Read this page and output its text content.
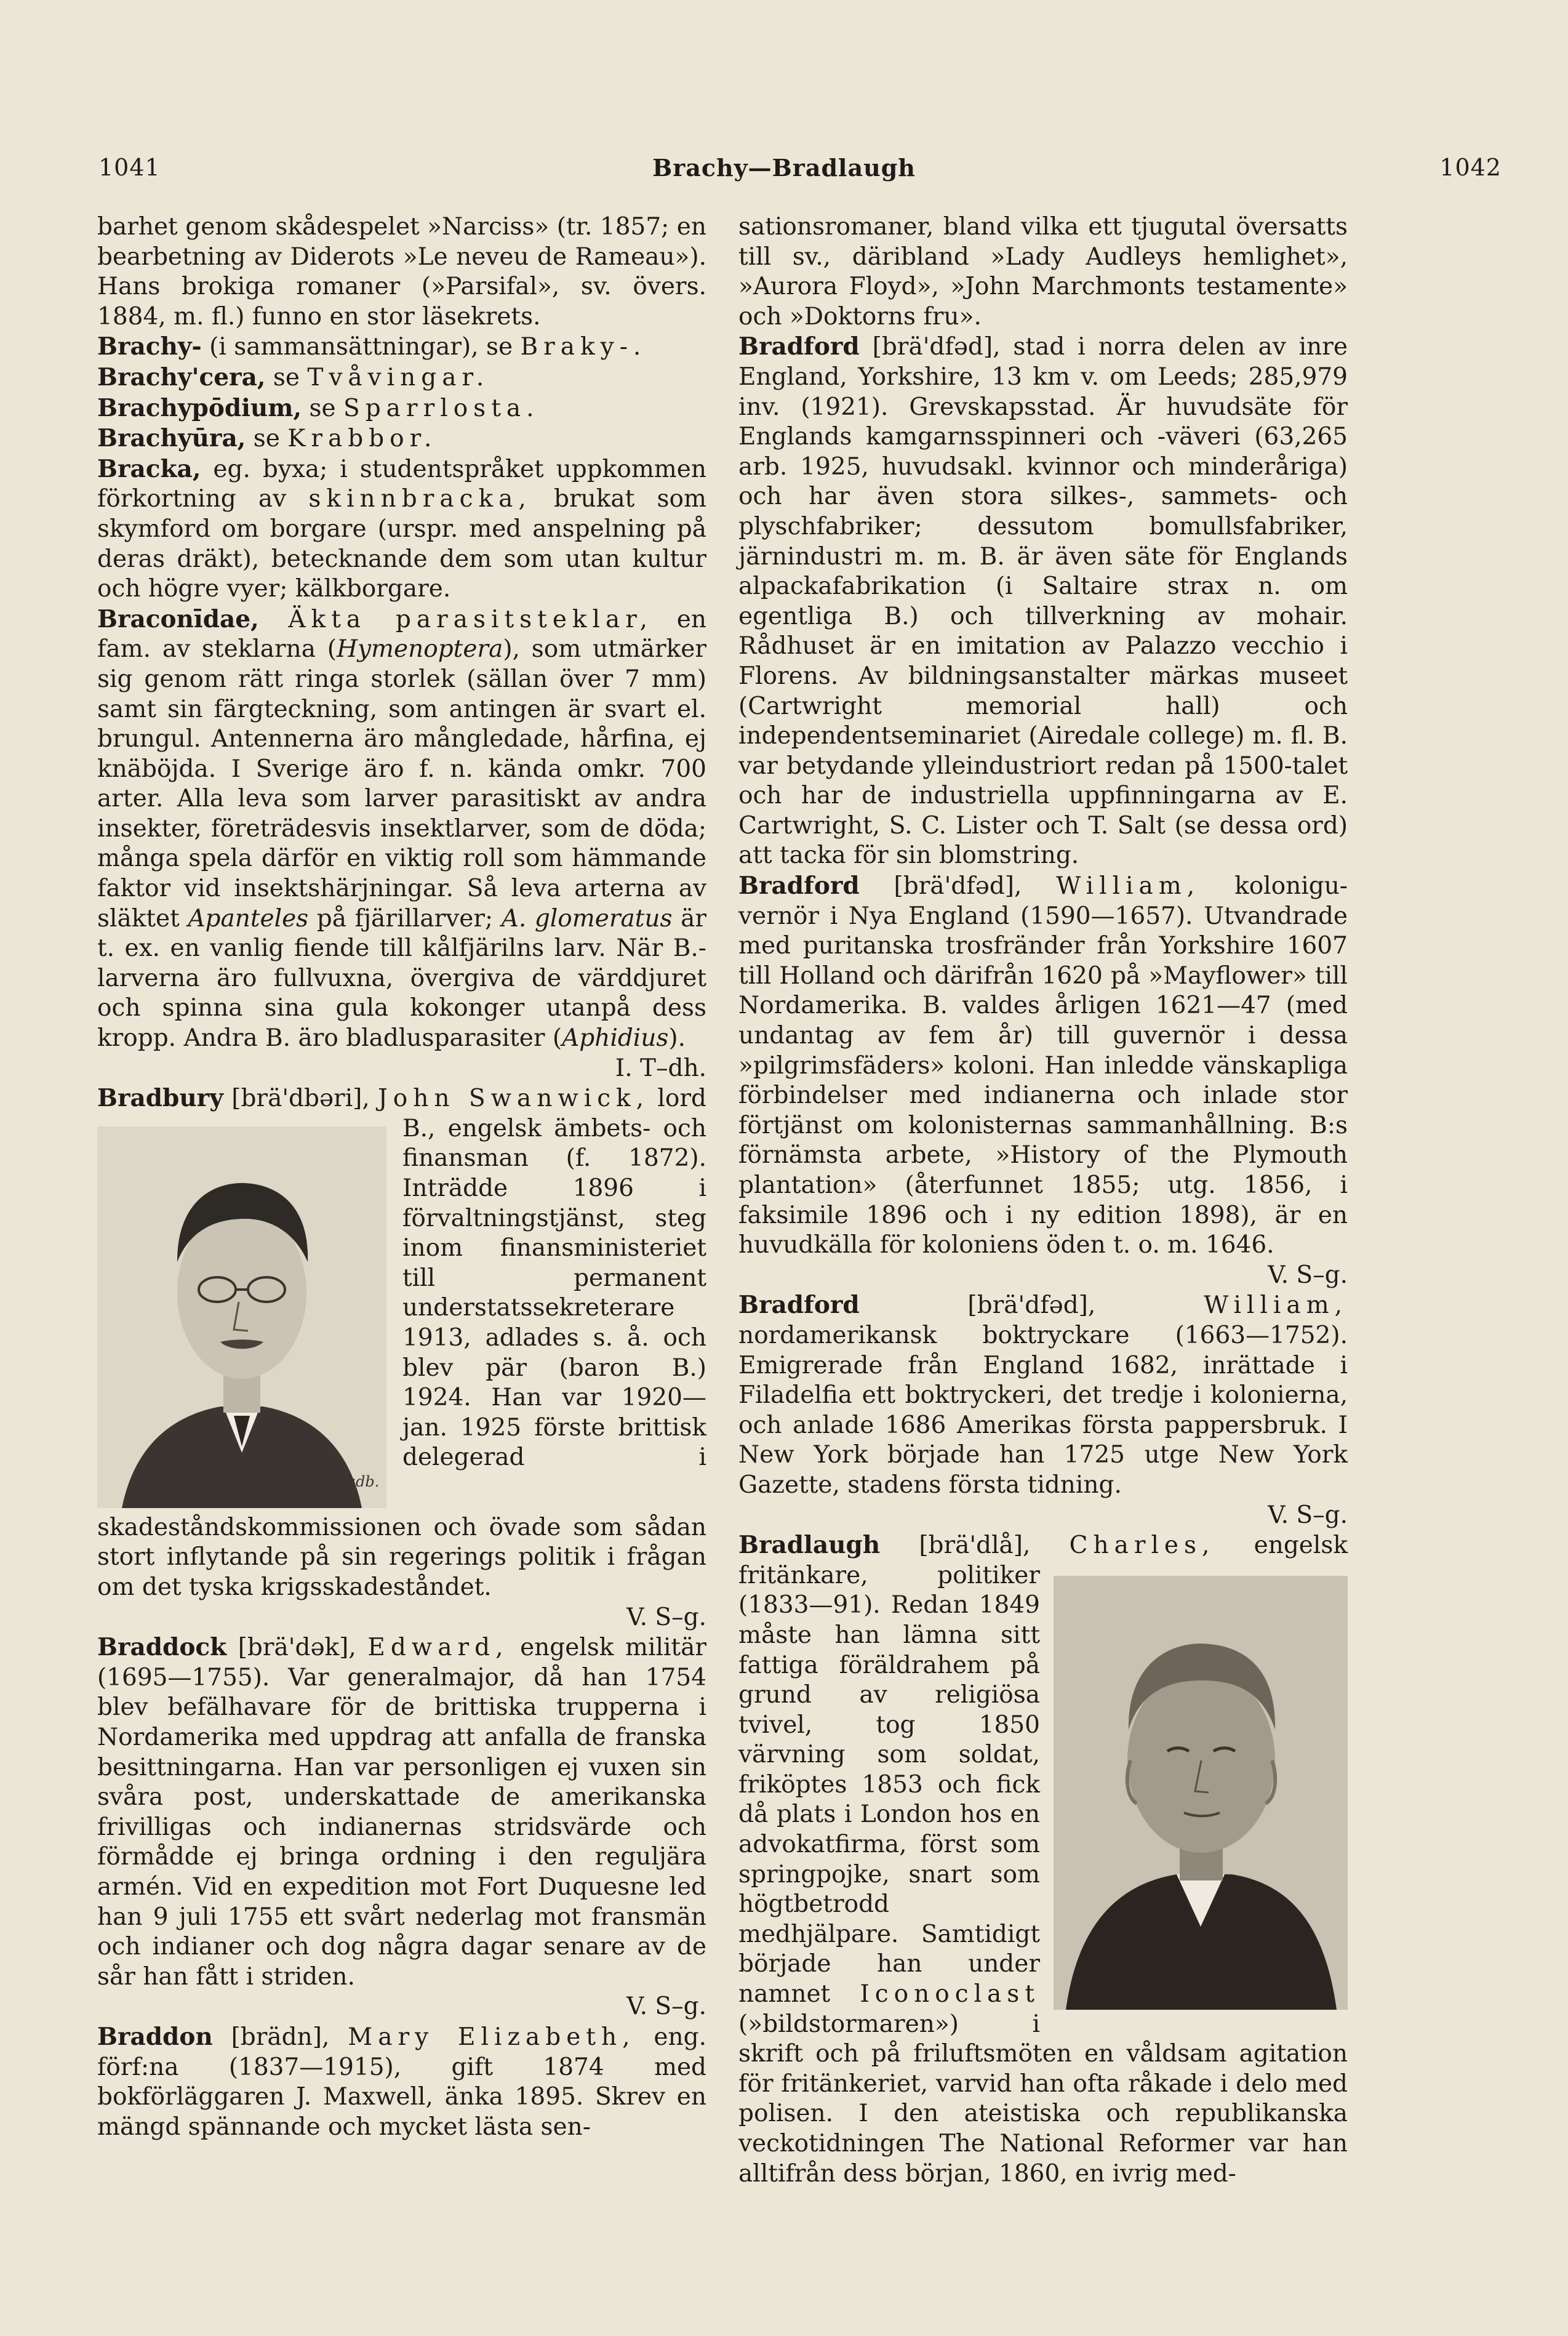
1041	Brachy—Bradlaugh	1042

barhet genom skådespelet »Narciss» (tr. 1857; en bearbetning av Diderots »Le neveu de Rameau»). Hans brokiga romaner (»Parsifal», sv. övers. 1884, m. fl.) funno en stor läsekrets.

Brachy- (i sammansättningar), se Braky-.

Brachy'cera, se Tvåvingar.

Brachypōdium, se Sparrlosta.

Brachyūra, se Krabbor.

Bracka, eg. byxa; i studentspråket uppkommen förkortning av skinnbracka, brukat som skymford om borgare (urspr. med anspelning på deras dräkt), betecknande dem som utan kultur och högre vyer; kälkborgare.

Braconīdae, Äkta parasitsteklar, en fam. av steklarna (Hymenoptera), som utmärker sig genom rätt ringa storlek (sällan över 7 mm) samt sin färgteckning, som antingen är svart el. brungul. Antennerna äro mångledade, hårfina, ej knäböjda. I Sverige äro f. n. kända omkr. 700 arter. Alla leva som larver parasitiskt av andra insekter, företrädesvis insektlarver, som de döda; många spela därför en viktig roll som hämmande faktor vid insektshärjningar. Så leva arterna av släktet Apanteles på fjärillarver; A. glomeratus är t. ex. en vanlig fiende till kålfjärilns larv. När B.-larverna äro fullvuxna, övergiva de värddjuret och spinna sina gula kokonger utanpå dess kropp. Andra B. äro bladlusparasiter (Aphidius).
I. T–dh.

Bradbury [brä'dbəri], John Swanwick,
J.L. Bradb.
lord B., engelsk ämbets- och finansman (f. 1872). Inträdde 1896 i förvaltningstjänst, steg inom finansministeriet till permanent understatssekreterare 1913, adlades s. å. och blev pär (baron B.) 1924. Han var 1920—jan. 1925 förste brittisk delegerad i skadeståndskommissionen och övade som sådan stort inflytande på sin regerings politik i frågan om det tyska krigsskadeståndet.
V. S–g.

Braddock [brä'dək], Edward, engelsk militär (1695—1755). Var generalmajor, då han 1754 blev befälhavare för de brittiska trupperna i Nordamerika med uppdrag att anfalla de franska besittningarna. Han var personligen ej vuxen sin svåra post, underskattade de amerikanska frivilligas och indianernas stridsvärde och förmådde ej bringa ordning i den reguljära armén. Vid en expedition mot Fort Duquesne led han 9 juli 1755 ett svårt nederlag mot fransmän och indianer och dog några dagar senare av de sår han fått i striden.
V. S–g.

Braddon [brädn], Mary Elizabeth, eng. förf:na (1837—1915), gift 1874 med bokförläggaren J. Maxwell, änka 1895. Skrev en mängd spännande och mycket lästa sen-

sationsromaner, bland vilka ett tjugutal översatts till sv., däribland »Lady Audleys hemlighet», »Aurora Floyd», »John Marchmonts testamente» och »Doktorns fru».

Bradford [brä'dfəd], stad i norra delen av inre England, Yorkshire, 13 km v. om Leeds; 285,979 inv. (1921). Grevskapsstad. Är huvudsäte för Englands kamgarnsspinneri och -väveri (63,265 arb. 1925, huvudsakl. kvinnor och minderåriga) och har även stora silkes-, sammets- och plyschfabriker; dessutom bomullsfabriker, järnindustri m. m. B. är även säte för Englands alpackafabrikation (i Saltaire strax n. om egentliga B.) och tillverkning av mohair. Rådhuset är en imitation av Palazzo vecchio i Florens. Av bildningsanstalter märkas museet (Cartwright memorial hall) och independentseminariet (Airedale college) m. fl. B. var betydande ylleindustriort redan på 1500-talet och har de industriella uppfinningarna av E. Cartwright, S. C. Lister och T. Salt (se dessa ord) att tacka för sin blomstring.

Bradford [brä'dfəd], William, kolonigu-vernör i Nya England (1590—1657). Utvandrade med puritanska trosfränder från Yorkshire 1607 till Holland och därifrån 1620 på »Mayflower» till Nordamerika. B. valdes årligen 1621—47 (med undantag av fem år) till guvernör i dessa »pilgrimsfäders» koloni. Han inledde vänskapliga förbindelser med indianerna och inlade stor förtjänst om kolonisternas sammanhållning. B:s förnämsta arbete, »History of the Plymouth plantation» (återfunnet 1855; utg. 1856, i faksimile 1896 och i ny edition 1898), är en huvudkälla för koloniens öden t. o. m. 1646.
V. S–g.

Bradford [brä'dfəd], William, nordamerikansk boktryckare (1663—1752). Emigrerade från England 1682, inrättade i Filadelfia ett boktryckeri, det tredje i kolonierna, och anlade 1686 Amerikas första pappersbruk. I New York började han 1725 utge New York Gazette, stadens första tidning.
V. S–g.

Bradlaugh [brä'dlå], Charles,
engelsk fritänkare, politiker (1833—91). Redan 1849 måste han lämna sitt fattiga föräldrahem på grund av religiösa tvivel, tog 1850 värvning som soldat, friköptes 1853 och fick då plats i London hos en advokatfirma, först som springpojke, snart som högtbetrodd medhjälpare. Samtidigt började han under namnet Iconoclast (»bildstormaren») i skrift och på friluftsmöten en våldsam agitation för fritänkeriet, varvid han ofta råkade i delo med polisen. I den ateistiska och republikanska veckotidningen The National Reformer var han alltifrån dess början, 1860, en ivrig med-
